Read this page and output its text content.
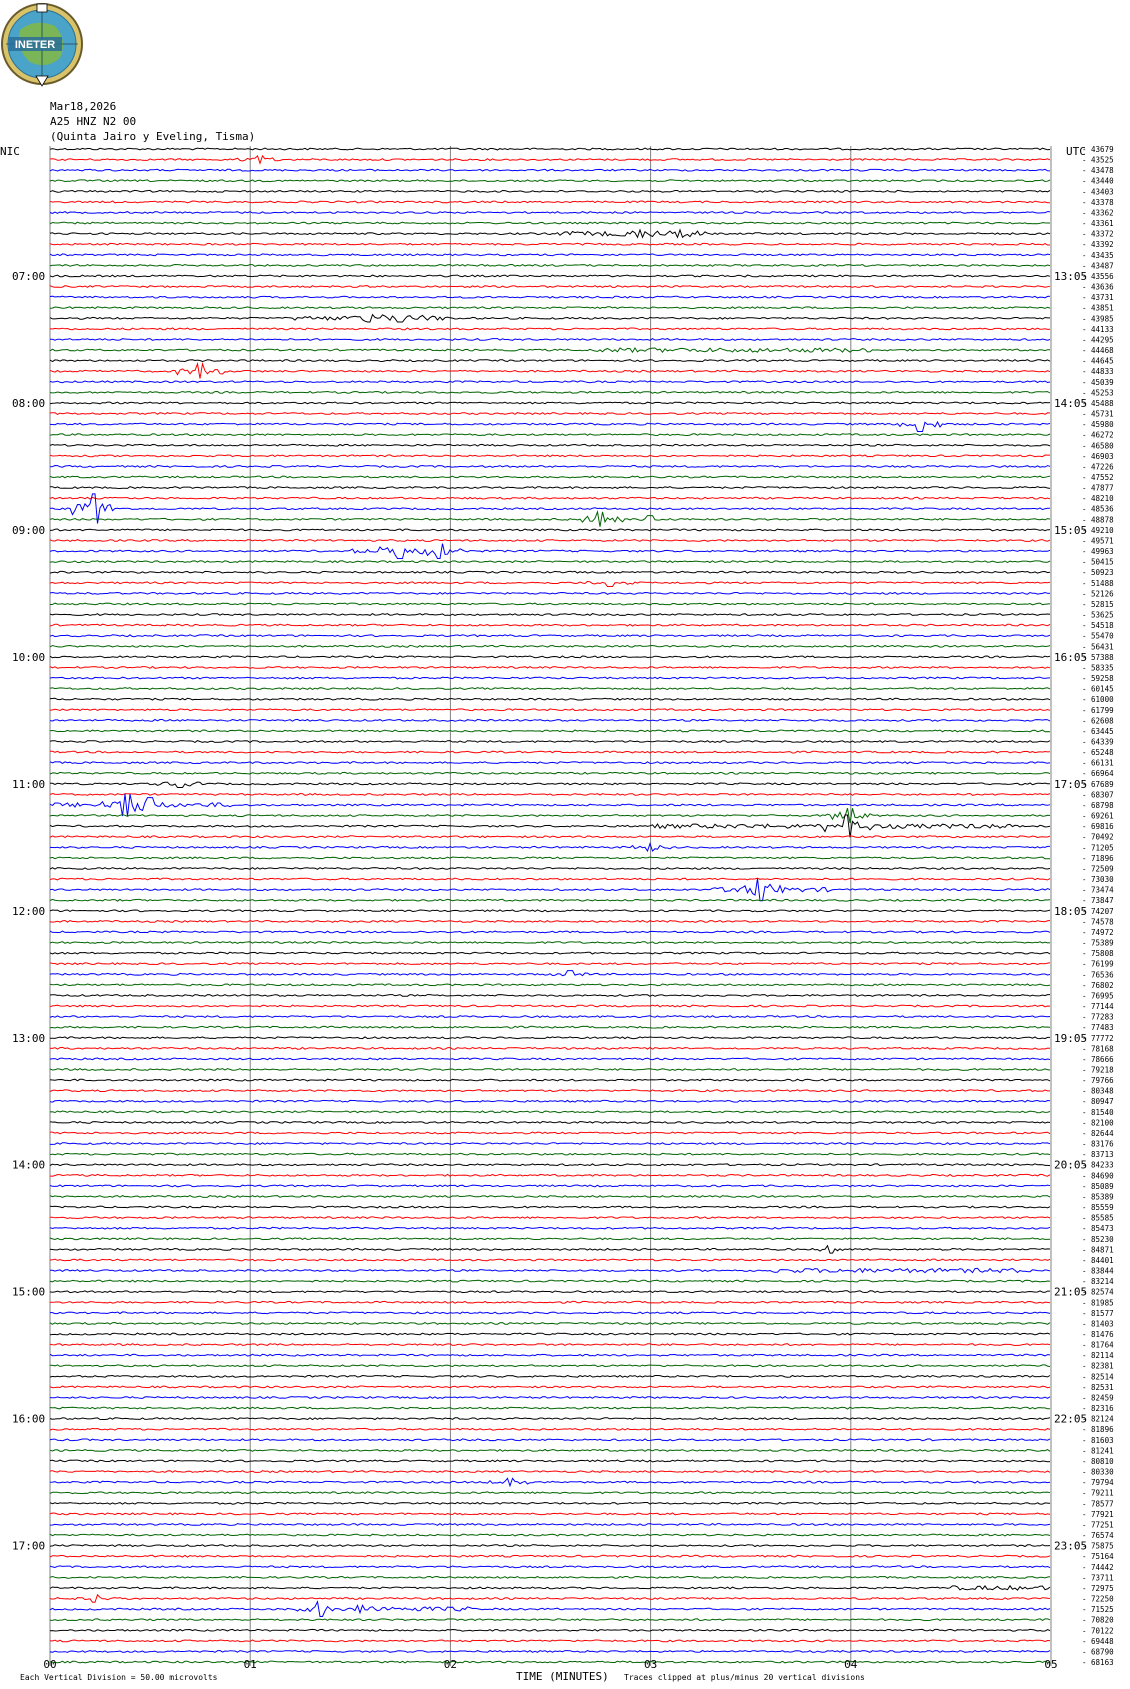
INETER
Mar18,2026
A25 HNZ N2 00
(Quinta Jairo y Eveling, Tisma)
NIC	UTC
07:00
08:00
09:00
10:00
11:00
12:00
13:00
14:00
15:00
16:00
17:00
13:05
14:05
15:05
16:05
17:05
18:05
19:05
20:05
21:05
22:05
23:05
- 43679
- 43525
- 43478
- 43440
- 43403
- 43378
- 43362
- 43361
- 43372
- 43392
- 43435
- 43487
- 43556
- 43636
- 43731
- 43851
- 43985
- 44133
- 44295
- 44468
- 44645
- 44833
- 45039
- 45253
- 45488
- 45731
- 45980
- 46272
- 46580
- 46903
- 47226
- 47552
- 47877
- 48210
- 48536
- 48878
- 49210
- 49571
- 49963
- 50415
- 50923
- 51488
- 52126
- 52815
- 53625
- 54518
- 55470
- 56431
- 57388
- 58335
- 59258
- 60145
- 61000
- 61799
- 62608
- 63445
- 64339
- 65248
- 66131
- 66964
- 67689
- 68307
- 68798
- 69261
- 69816
- 70492
- 71205
- 71896
- 72509
- 73030
- 73474
- 73847
- 74207
- 74578
- 74972
- 75389
- 75808
- 76199
- 76536
- 76802
- 76995
- 77144
- 77283
- 77483
- 77772
- 78168
- 78666
- 79218
- 79766
- 80348
- 80947
- 81540
- 82100
- 82644
- 83176
- 83713
- 84233
- 84690
- 85089
- 85389
- 85559
- 85585
- 85473
- 85230
- 84871
- 84401
- 83844
- 83214
- 82574
- 81985
- 81577
- 81403
- 81476
- 81764
- 82114
- 82381
- 82514
- 82531
- 82459
- 82316
- 82124
- 81896
- 81603
- 81241
- 80810
- 80330
- 79794
- 79211
- 78577
- 77921
- 77251
- 76574
- 75875
- 75164
- 74442
- 73711
- 72975
- 72250
- 71525
- 70820
- 70122
- 69448
- 68790
- 68163
00	01	02	03	04	05
TIME (MINUTES)
Each Vertical Division = 50.00 microvolts	Traces clipped at plus/minus 20 vertical divisions
